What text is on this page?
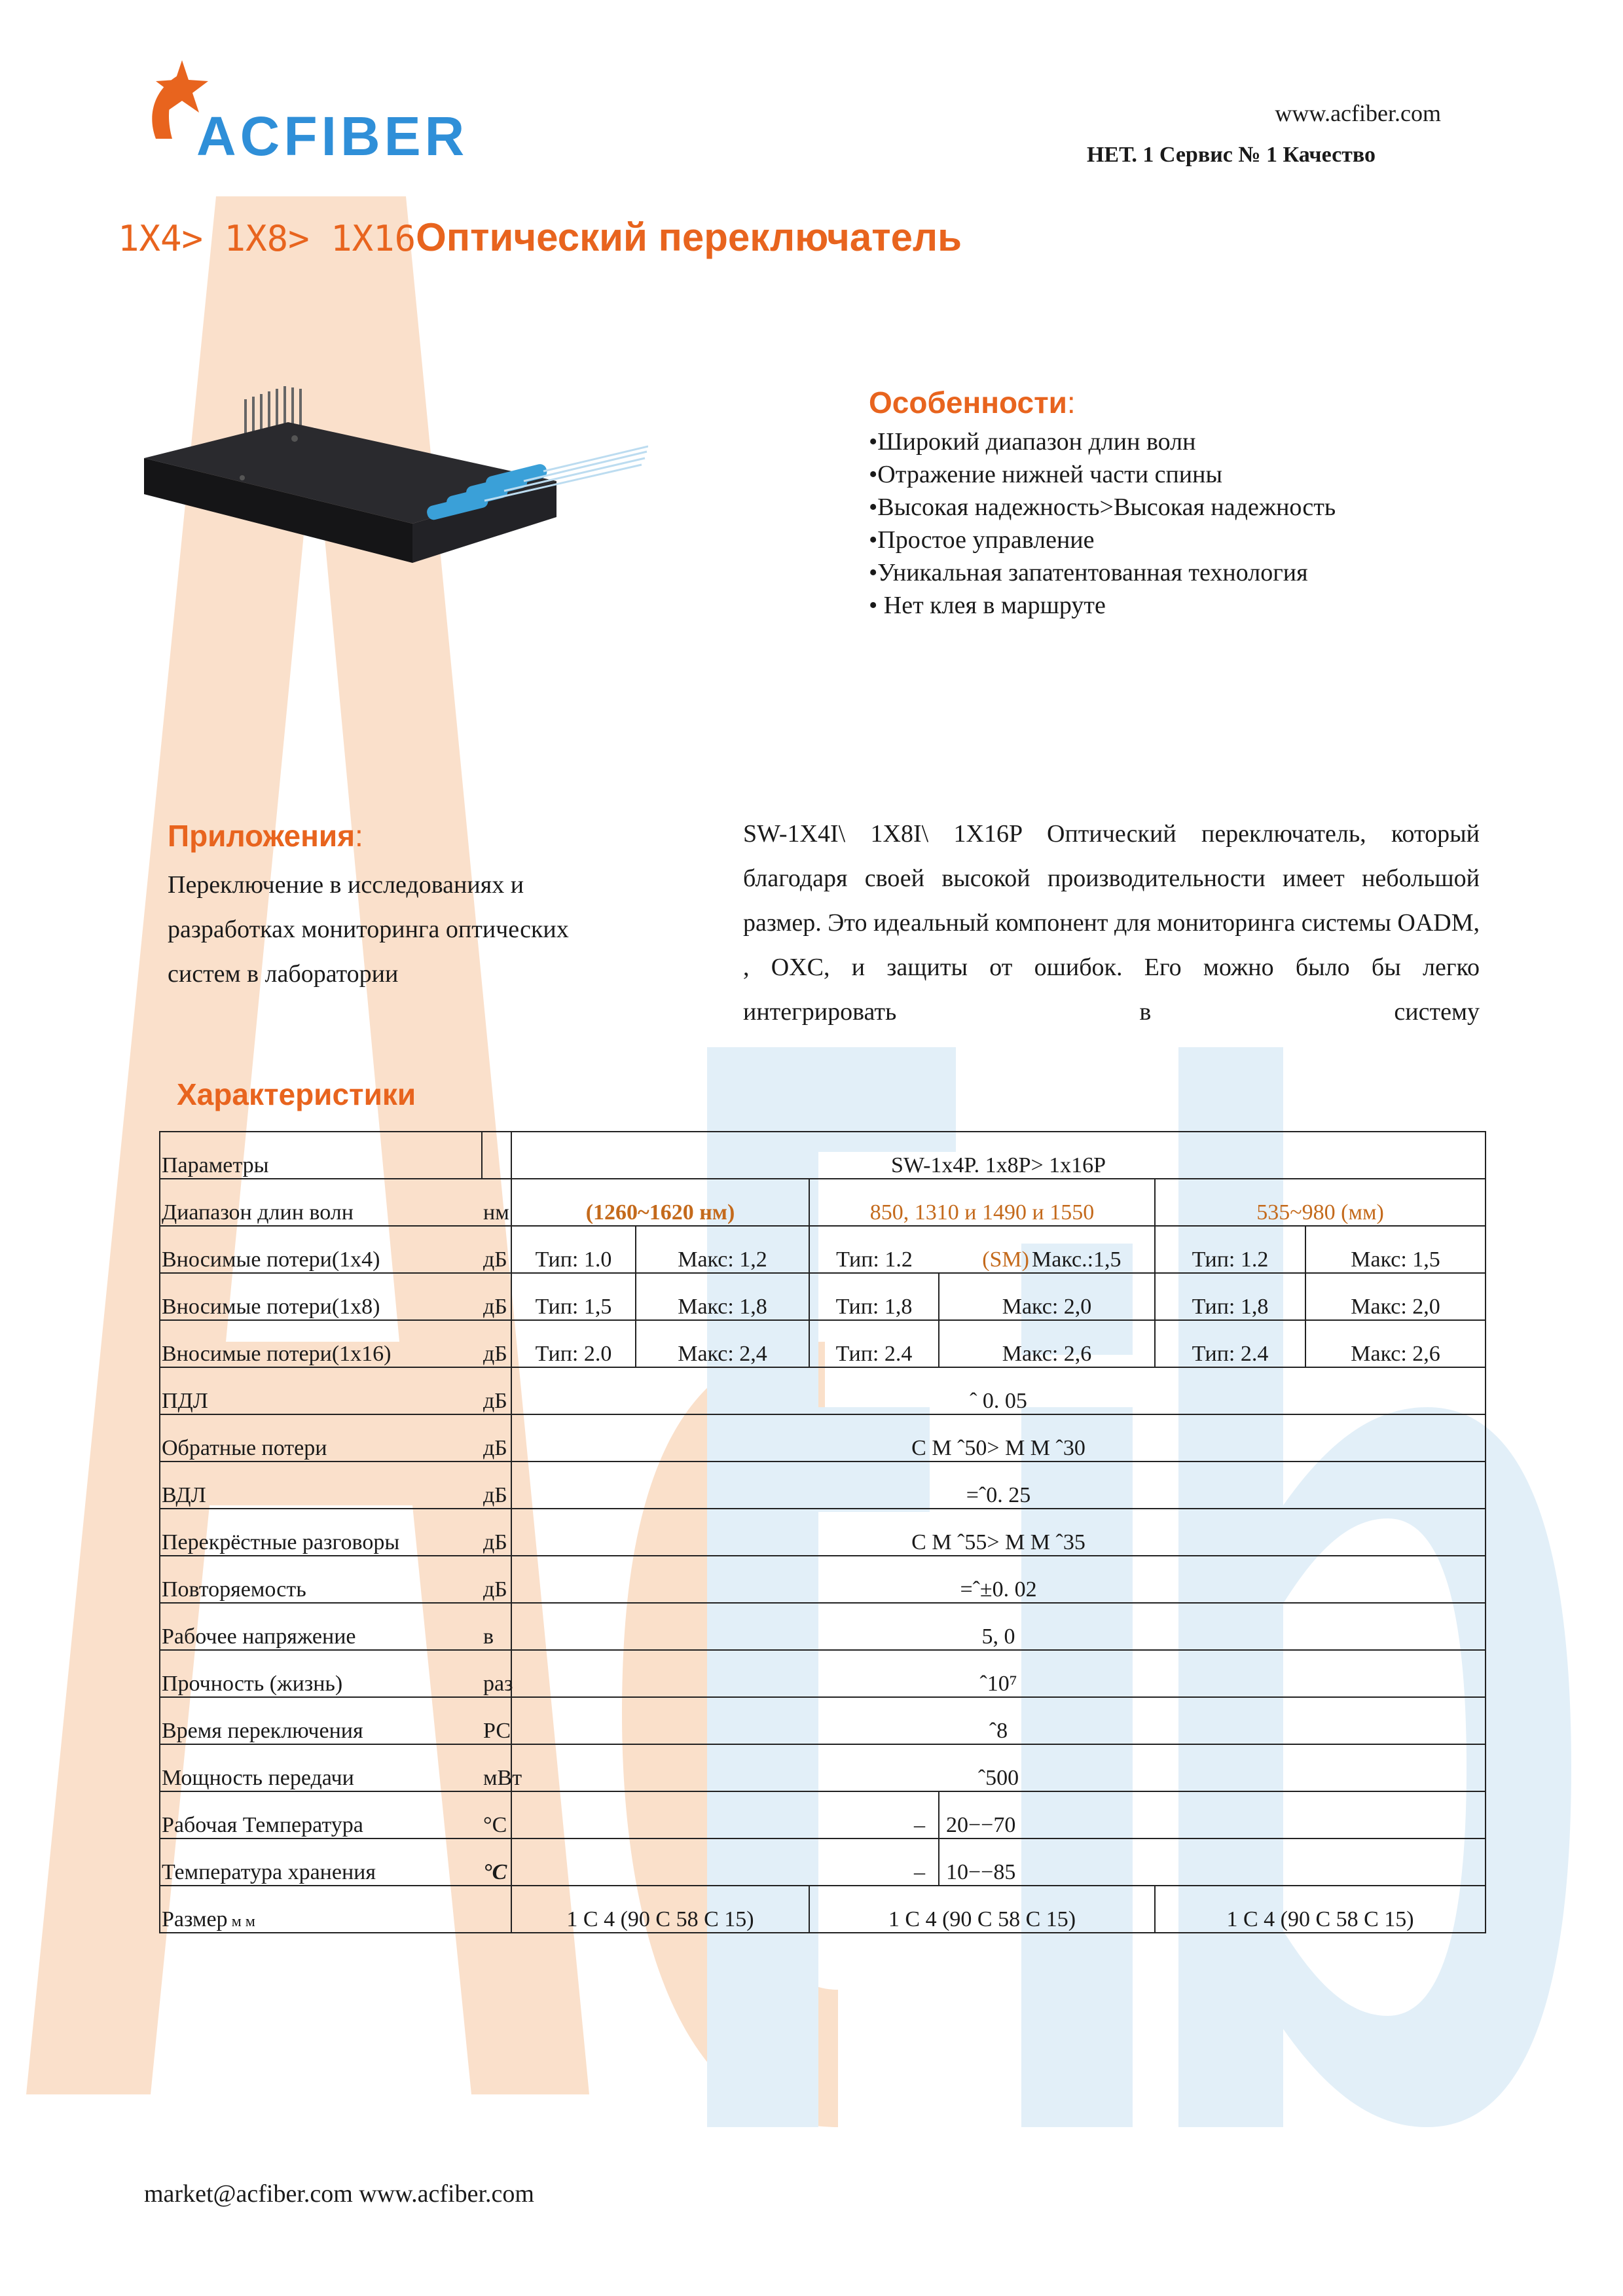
ACFIBER	www.acfiber.com
НЕТ. 1 Сервис № 1 Качество
1X4> 1X8> 1X16Оптический переключатель
Особенности:
•Широкий диапазон длин волн
•Отражение нижней части спины
•Высокая надежность>Высокая надежность
•Простое управление
•Уникальная запатентованная технология
• Нет клея в маршруте
Приложения:

Переключение в исследованиях и разработках мониторинга оптических систем в лаборатории

SW-1X4I\ 1X8I\ 1X16P Оптический переключатель, который благодаря своей высокой производительности имеет небольшой размер. Это идеальный компонент для мониторинга системы OADM, , OXC, и защиты от ошибок. Его можно было бы легко интегрировать в систему
Характеристики
Параметры		SW-1x4P. 1x8P> 1x16P						
Диапазон длин волн	нм	(1260~1620 нм)		850, 1310 и 1490 и 1550			535~980 (мм)	
Вносимые потери(1x4)	дБ	Тип: 1.0	Макс: 1,2	Тип: 1.2	(SM)	Макс.:1,5	Тип: 1.2	Макс: 1,5
Вносимые потери(1x8)	дБ	Тип: 1,5	Макс: 1,8	Тип: 1,8	Макс: 2,0		Тип: 1,8	Макс: 2,0
Вносимые потери(1x16)	дБ	Тип: 2.0	Макс: 2,4	Тип: 2.4	Макс: 2,6		Тип: 2.4	Макс: 2,6
ПДЛ	дБ	ˆ 0. 05						
Обратные потери	дБ	С М ˆ50> М М ˆ30						
ВДЛ	дБ	=ˆ0. 25						
Перекрёстные разговоры	дБ	С М ˆ55> М М ˆ35						
Повторяемость	дБ	=ˆ±0. 02						
Рабочее напряжение	в	5, 0						
Прочность (жизнь)	раз	ˆ10⁷						
Время переключения	РС	ˆ8						
Мощность передачи	мВт	ˆ500						
Рабочая Температура	°С	–			20−−70			
Температура хранения	°С	–			10−−85			
Размер м м		1 С 4 (90 С 58 С 15)		1 С 4 (90 С 58 С 15)			1 С 4 (90 С 58 С 15)	
market@acfiber.com www.acfiber.com
